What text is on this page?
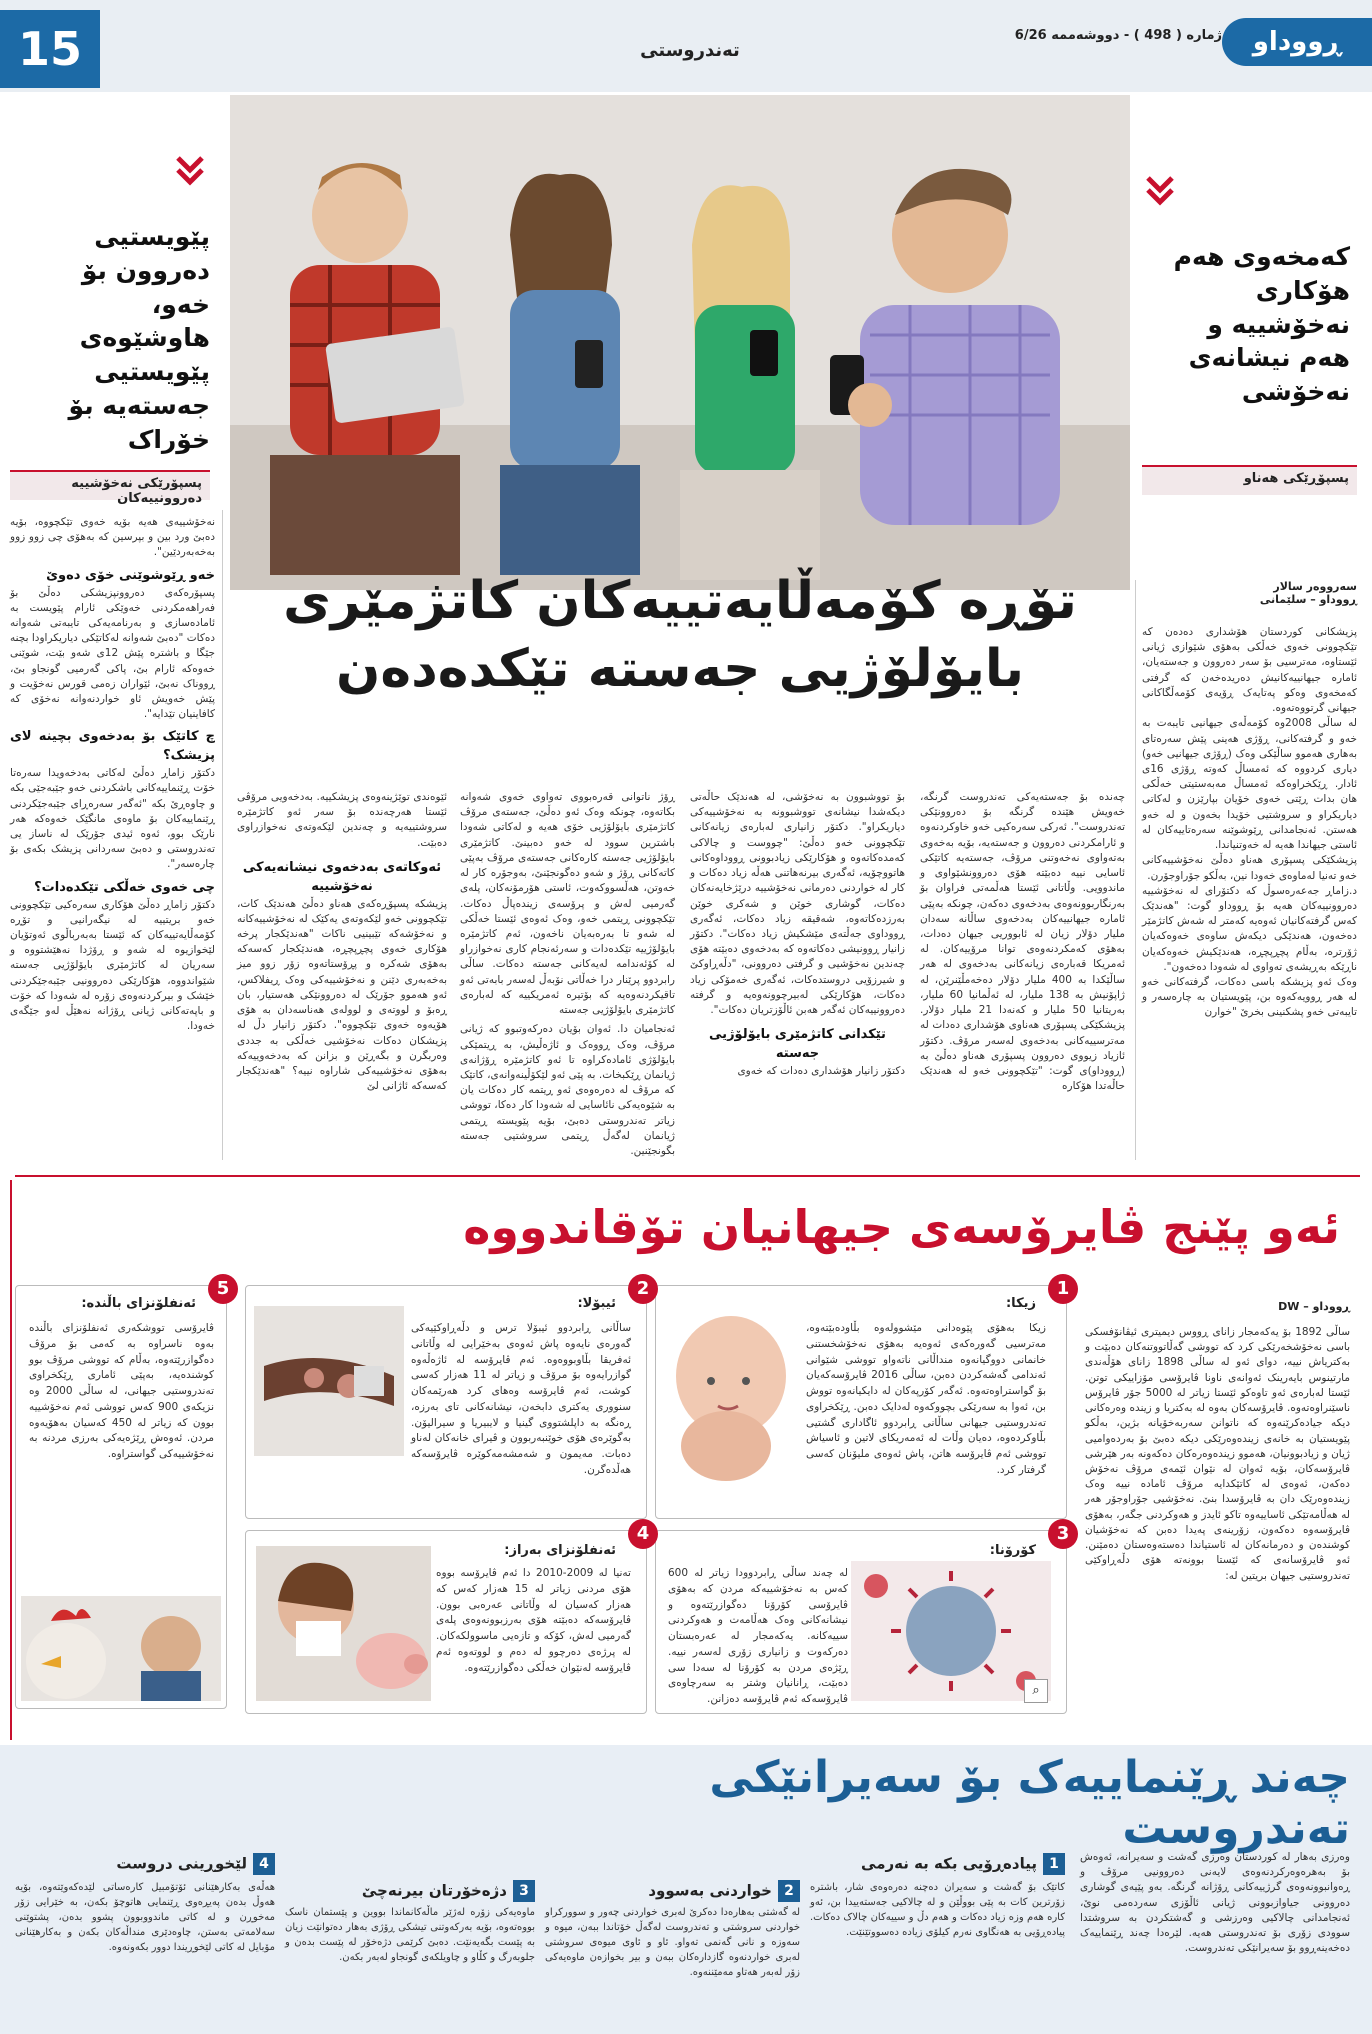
15	تەندروستی
ژمارە ( 498 ) - دووشەممە 6/26	ڕووداو
پێویستیی دەروون بۆ خەو، هاوشێوەی پێویستیی جەستەیە بۆ خۆراک
پسپۆرێکی نەخۆشییە دەروونییەکان
نەخۆشییەی هەیە بۆیە خەوی تێکچووە، بۆیە دەبێ ورد بین و بپرسین کە بەهۆی چی زوو زوو بەخەبەردێین".
خەو ڕێوشوێنی خۆی دەوێ
پسپۆرەکەی دەروونپزیشکی دەڵێ بۆ فەراهەمکردنی خەوێکی ئارام پێویست بە ئامادەسازی و بەرنامەیەکی تایبەتی شەوانە دەکات "دەبێ شەوانە لەکاتێکی دیاریکراودا بچنە جێگا و باشترە پێش 12ی شەو بێت، شوێنی خەوەکە ئارام بێ، پاکی گەرمیی گونجاو بێ، ڕووناک نەبێ، ئێواران زەمی قورس نەخۆیت و پێش خەویش ئاو خواردنەوانە نەخۆی کە کافاینیان تێدایە".
چ کاتێک بۆ بەدخەوی بچینە لای پزیشک؟
دکتۆر زاماڕ دەڵێ لەکاتی بەدخەویدا سەرەتا خۆت ڕێنماییەکانی باشکردنی خەو جێبەجێی بکە و چاوەڕێ بکە "ئەگەر سەرەڕای جێبەجێکردنی ڕێنماییەکان بۆ ماوەی مانگێک خەوەکە هەر نارێک بوو، ئەوە ئیدی جۆرێک لە ناساز یی تەندروستی و دەبێ سەردانی پزیشک بکەی بۆ چارەسەر".
چی خەوی خەڵکی تێکدەدات؟
دکتۆر زاماڕ دەڵێ هۆکاری سەرەکیی تێکچوونی خەو بریتییە لە نیگەرانیی و تۆڕە کۆمەڵایەتییەکان کە ئێستا بەبەرباڵوی ئەوتۆیان لێخوازیوە لە شەو و ڕۆژدا نەهێشتووە و سەریان لە کاتژمێری بایۆلۆژیی جەستە شێواندووە، هۆکارێکی دەروونیی جێبەجێکردنی خێشک و بیرکردنەوەی زۆرە لە شەودا کە خۆت و باپەتەکانی ژیانی ڕۆژانە نەهێڵ لەو جێگەی خەودا.
کەمخەوی هەم هۆکاری نەخۆشییە و هەم نیشانەی نەخۆشی
پسپۆڕێکی هەناو
سەرووەر سالار
ڕووداو – سلێمانی
پزیشکانی کوردستان هۆشداری دەدەن کە تێکچوونی خەوی خەڵکی بەهۆی شێوازی ژیانی ئێستاوە، مەترسیی بۆ سەر دەروون و جەستەیان، ئامارە جیهانییەکانیش دەریدەخەن کە گرفتی کەمخەوی وەکو پەتایەک ڕۆیەی کۆمەڵگاکانی جیهانی گرتووەتەوە.
لە ساڵی 2008وە کۆمەڵەی جیهانیی تایبەت بە خەو و گرفتەکانی، ڕۆژی هەینی پێش سەرەتای بەهاری هەموو ساڵێکی وەک (ڕۆژی جیهانیی خەو) دیاری کردووە کە ئەمساڵ کەوتە ڕۆژی 16ی ئادار. ڕێکخراوەکە ئەمساڵ مەبەستیتی خەڵکی هان بدات ڕێتی خەوی خۆیان بپارێزن و لەکاتی دیاریکراو و سروشتیی خۆیدا بخەون و لە خەو هەستن. ئەنجامدانی ڕێوشوێنە سەرەتاییەکان لە ئاستی جیهاندا هەیە لە خەوتنیاندا.
پزیشکێکی پسپۆری هەناو دەڵێ نەخۆشییەکانی خەو تەنیا لەماوەی خەودا نین، بەڵکو جۆراوجۆرن.
د.زاماڕ جەعەرەسوڵ کە دکتۆرای لە نەخۆشییە دەروونییەکان هەیە بۆ ڕووداو گوت: "هەندێک کەس گرفتەکانیان ئەوەیە کەمتر لە شەش کاتژمێر دەخەون، هەندێکی دیکەش ساوەی خەوەکەیان ژۆرترە، بەڵام پچڕپچڕە، هەندێکیش خەوەکەیان ناڕێکە بەڕیشەی تەواوی لە شەودا دەخەون".
وەک ئەو پزیشکە باسی دەکات، گرفتەکانی خەو لە هەر ڕوویەکەوە بن، پێویستیان بە چارەسەر و تایبەتی خەو پشکنینی بخرێ "خوارن
تۆڕە کۆمەڵایەتییەکان کاتژمێری بایۆلۆژیی جەستە تێکدەدەن
چەندە بۆ جەستەیەکی تەندروست گرنگە، خەویش هێندە گرنگە بۆ دەروونێکی تەندروست". ئەرکی سەرەکیی خەو خاوکردنەوە و ئارامکردنی دەروون و جەستەیە، بۆیە بەخەوی بەتەواوی نەخەوتنی مرۆڤ، جەستەیە کاتێکی ئاسایی نییە دەبێتە هۆی دەروونشێواوی و ماندوویی. وڵاتانی ئێستا هەڵمەتی فراوان بۆ بەرنگاربوونەوەی بەدخەوی دەکەن، چونکە بەپێی ئامارە جیهانییەکان بەدخەوی ساڵانە سەدان ملیار دۆلار زیان لە ئابووریی جیهان دەدات، بەهۆی کەمکردنەوەی توانا مرۆییەکان. لە ئەمریکا قەبارەی زیانەکانی بەدخەوی لە هەر ساڵێکدا بە 400 ملیار دۆلار دەخەمڵێنرێن، لە ژاپۆنیش بە 138 ملیار، لە ئەڵمانیا 60 ملیار، بەریتانیا 50 ملیار و کەنەدا 21 ملیار دۆلار. پزیشکێکی پسپۆری هەناوی هۆشداری دەدات لە مەترسییەکانی بەدخەوی لەسەر مرۆڤ. دکتۆر ئازیاد زیووی دەروون پسپۆری هەناو دەڵێ بە (ڕووداو)ی گوت: "تێکچوونی خەو لە هەندێک حاڵەتدا هۆکارە
بۆ تووشبوون بە نەخۆشی، لە هەندێک حاڵەتی دیکەشدا نیشانەی تووشبوونە بە نەخۆشییەکی دیاریکراو". دکتۆر زانیاری لەبارەی زیانەکانی تێکچوونی خەو دەڵێ: "چووست و چالاکی کەمدەکاتەوە و هۆکارێکی زیادبوونی ڕووداوەکانی هاتووچۆیە، ئەگەری بیرنەهاتنی هەڵە زیاد دەکات و کار لە خواردنی دەرمانی نەخۆشییە درێژخایەنەکان دەکات، گوشاری خوێن و شەکری خوێن بەرزدەکاتەوە، شەقیقە زیاد دەکات، ئەگەری ڕووداوی جەڵتەی مێشکیش زیاد دەکات". دکتۆر زانیار ڕوونیشی دەکاتەوە کە بەدخەوی دەبێتە هۆی چەندین نەخۆشیی و گرفتی دەروونی، "دڵەڕاوکێ و شیرزۆیی دروستدەکات، ئەگەری خەمۆکی زیاد دەکات، هۆکارێکی لەبیرچوونەوەیە و گرفتە دەروونییەکان ئەگەر هەبن ئاڵۆزتریان دەکات".
تێکدانی کاتژمێری بایۆلۆژیی جەستە
دکتۆر زانیار هۆشداری دەدات کە خەوی
ڕۆژ ناتوانی قەرەبووی تەواوی خەوی شەوانە بکاتەوە، چونکە وەک ئەو دەڵێ، جەستەی مرۆڤ کاتژمێری بایۆلۆژیی خۆی هەیە و لەکاتی شەودا باشترین سوود لە خەو دەبینێ. کاتژمێری بایۆلۆژیی جەستە کارەکانی جەستەی مرۆڤ بەپێی کاتەکانی ڕۆژ و شەو دەگونجێنێ، بەوجۆرە کار لە خەوتن، هەڵسووکەوت، ئاستی هۆرمۆنەکان، پلەی گەرمیی لەش و پرۆسەی زیندەپاڵ دەکات. تێکچوونی ڕیتمی خەو، وەک ئەوەی ئێستا خەڵکی لە شەو تا بەرەبەیان ناخەون، ئەم کاتژمێرە بایۆلۆژییە تێکدەدات و سەرئەنجام کاری نەخوازراو لە کۆئەندامە لەیەکانی جەستە دەکات. ساڵی رابردوو پرێنار درا خەڵاتی نۆبەڵ لەسەر بابەتی ئەو تاقیکردنەوەیە کە بۆتیرە ئەمریکییە کە لەبارەی کاتژمێری بایۆلۆژیی جەستە
ئەنجامیان دا. ئەوان بۆیان دەرکەوتبوو کە ژیانی مرۆڤ، وەک ڕووەک و ئاژەڵیش، بە ڕیتمێکی بایۆلۆژی ئامادەکراوە تا ئەو کاتژمێرە ڕۆژانەی ژیانمان ڕێکبخات. بە پێی ئەو لێکۆڵینەوانەی، کاتێک کە مرۆڤ لە دەرەوەی ئەو ڕیتمە کار دەکات یان بە شێوەیەکی نائاسایی لە شەودا کار دەکا، تووشی زیاتر تەندروستی دەبێ، بۆیە پێویستە ڕیتمی ژیانمان لەگەڵ ڕیتمی سروشتیی جەستە بگونجێنین.
ئێوەندی توێژینەوەی پزیشکییە. بەدخەویی مرۆڤی ئێستا هەرچەندە بۆ سەر ئەو کاتژمێرە سروشتییەیە و چەندین لێکەوتەی نەخوازراوی دەبێت.
ئەوکاتەی بەدخەوی نیشانەیەکی نەخۆشییە
پزیشکە پسپۆڕەکەی هەناو دەڵێ هەندێک کات، تێکچوونی خەو لێکەوتەی یەکێک لە نەخۆشییەکانە و نەخۆشەکە تێبینیی ناکات "هەندێکجار پرخە هۆکاری خەوی پچڕپچڕە، هەندێکجار کەسەکە بەهۆی شەکرە و پڕۆستاتەوە زۆر زوو میز بەخەبەری دێنن و نەخۆشییەکی وەک ڕیفلاکس، ئەو هەموو جۆرێک لە دەروونێکی هەستیار، بان ڕەبۆ و لووتەی و لوولەی هەناسەدان بە هۆی هۆیەوە خەوی تێکچووە". دکتۆر زانیار دڵ لە پزیشکان دەکات نەخۆشیی خەڵکی بە جددی وەربگرن و بگەڕێن و بزانن کە بەدخەوییەکە بەهۆی نەخۆشییەکی شاراوە نییە؟ "هەندێکجار کەسەکە ئاژانی لێ
ئەو پێنج ڤایرۆسەی جیهانیان تۆقاندووە
ڕووداو – DW
ساڵی 1892 بۆ یەکەمجار زانای ڕووس دیمیتری ئیڤانۆفسکی باسی نەخۆشخەرێکی کرد کە تووشی گەڵاتووتنەکان دەبێت و بەکتریاش نییە، دوای ئەو لە ساڵی 1898 زانای هۆڵەندی مارتینوس بایەرینک ئەوانەی ناونا ڤایرۆسی مۆزاییکی توتن. ئێستا لەبارەی ئەو تاوەکو ئێستا زیاتر لە 5000 جۆر ڤایرۆس ناسێنراوەتەوە. ڤایرۆسەکان بەوە لە بەکتریا و زیندە وەرەکانی دیکە جیادەکرێنەوە کە ناتوانن سەربەخۆیانە بژین، بەڵکو پێویستیان بە خانەی زیندەوەرێکی دیکە دەبێ بۆ بەردەوامیی ژیان و زیادبوونیان، هەموو زیندەوەرەکان دەکەونە بەر هێرشی ڤایرۆسەکان، بۆیە ئەوان لە نێوان ئێمەی مرۆڤ نەخۆش دەکەن، ئەوەی لە کاتێکدایە مرۆڤ ئامادە نییە وەک زیندەوەرێک دان بە ڤایرۆسدا بنێ. نەخۆشیی جۆراوجۆر هەر لە هەڵامەتێکی ئاساییەوە تاکو ئایدز و هەوکردنی جگەر، بەهۆی ڤایرۆسەوە دەکەون، زۆرینەی پەیدا دەبن کە نەخۆشیان کوشندەن و دەرمانەکان لە ئاستیاندا دەستەوەستان دەمێنن. ئەو ڤایرۆسانەی کە ئێستا بوونەتە هۆی دڵەڕاوکێی تەندروستیی جیهان بریتین لە:
1
زیکا:
زیکا بەهۆی پێوەدانی مێشوولەوە بڵاودەبێتەوە، مەترسیی گەورەکەی ئەوەیە بەهۆی نەخۆشخستنی خانمانی دووگیانەوە منداڵانی ناتەواو تووشی شێوانی ئەندامی گەشەکردن دەبن، ساڵی 2016 ڤایرۆسەکەیان بۆ گواستراوەتەوە. ئەگەر کۆرپەکان لە دایکیانەوە تووش بن، ئەوا بە سەرێکی بچووکەوە لەدایک دەبن. ڕێکخراوی تەندروستیی جیهانی ساڵانی ڕابردوو ئاگاداری گشتیی بڵاوکردەوە، دەیان وڵات لە ئەمەریکای لاتین و ئاسیاش تووشی ئەم ڤایرۆسە هاتن، پاش ئەوەی ملیۆنان کەسی گرفتار کرد.
2
ئیبۆلا:
ساڵانی ڕابردوو ئیبۆلا ترس و دڵەڕاوکێیەکی گەورەی نایەوە پاش ئەوەی بەخێرایی لە وڵاتانی ئەفریقا بڵاوبووەوە. ئەم ڤایرۆسە لە ئاژەڵەوە گوازرایەوە بۆ مرۆڤ و زیاتر لە 11 هەزار کەسی کوشت، ئەم ڤایرۆسە وەهای کرد هەرێمەکان سنووری یەکتری دابخەن، نیشانەکانی تای بەرزە، ڕەنگە بە داپلشتووی گینیا و لایبیریا و سیرالیۆن. بەگوێرەی هۆی خوێنبەربوون و ڤیرای خانەکان لەناو دەبات. مەیمون و شەمشەمەکوێرە ڤایرۆسەکە هەڵدەگرن.
5
ئەنفلۆنزای باڵندە:
ڤایرۆسی تووشکەری ئەنفلۆنزای باڵندە بەوە ناسراوە بە کەمی بۆ مرۆڤ دەگوازرێتەوە، بەڵام کە تووشی مرۆڤ بوو کوشندەیە، بەپێی ئاماری ڕێکخراوی تەندروستیی جیهانی، لە ساڵی 2000 وە نزیکەی 900 کەس تووشی ئەم نەخۆشییە بوون کە زیاتر لە 450 کەسیان بەهۆیەوە مردن. ئەوەش ڕێژەیەکی بەرزی مردنە بە نەخۆشییەکی گواستراوە.
3
کۆرۆنا:
لە چەند ساڵی ڕابردوودا زیاتر لە 600 کەس بە نەخۆشییەکە مردن کە بەهۆی ڤایرۆسی کۆرۆنا دەگوازرێتەوە و نیشانەکانی وەک هەڵامەت و هەوکردنی سییەکانە. یەکەمجار لە عەرەبستان دەرکەوت و زانیاری زۆری لەسەر نییە. ڕێژەی مردن بە کۆرۆنا لە سەدا سی دەبێت، ڕانانیان وشتر بە سەرچاوەی ڤایرۆسەکە ئەم ڤایرۆسە دەزانن.
⌕
4
ئەنفلۆنزای بەراز:
تەنیا لە 2009-2010 دا ئەم ڤایرۆسە بووە هۆی مردنی زیاتر لە 15 هەزار کەس کە هەزار کەسیان لە وڵاتانی عەرەبی بوون. ڤایرۆسەکە دەبێتە هۆی بەرزبوونەوەی پلەی گەرمیی لەش، کۆکە و تازەیی ماسوولکەکان. لە پرژەی دەرچوو لە دەم و لووتەوە ئەم ڤایرۆسە لەنێوان خەڵکی دەگوازرێتەوە.
چەند ڕێنماییەک بۆ سەیرانێکی تەندروست
وەرزی بەهار لە کوردستان وەرزی گەشت و سەیرانە، ئەوەش بۆ بەهرەوەرکردنەوەی لایەنی دەروونیی مرۆڤ و ڕەوانبوونەوەی گرژییەکانی ڕۆژانە گرنگە. بەو پێیەی گوشاری دەروونی جیاوازبوونی ژیانی ئاڵۆزی سەردەمی نوێ، ئەنجامدانی چالاکیی وەرزشی و گەشتکردن بە سروشتدا سوودی زۆری بۆ تەندروستی هەیە. لێرەدا چەند ڕێنماییەک دەخەینەڕوو بۆ سەیرانێکی تەندروست.
1پیادەڕۆیی بکە بە نەرمی
کاتێک بۆ گەشت و سەیران دەچنە دەرەوەی شار، باشترە زۆرترین کات بە پێی بووڵێن و لە چالاکیی جەستەییدا بن، ئەو کارە هەم وزە زیاد دەکات و هەم دڵ و سییەکان چالاک دەکات. پیادەڕۆیی بە هەنگاوی نەرم کیلۆی زیادە دەسووتێنێت.
2خواردنی بەسوود
لە گەشتی بەهارەدا دەکرێ لەبری خواردنی چەور و سوورکراو خواردنی سروشتی و تەندروست لەگەڵ خۆتاندا ببەن، میوە و سەوزە و نانی گەنمی تەواو. ئاو و ئاوی میوەی سروشتی لەبری خواردنەوە گازدارەکان ببەن و بیر بخوازەن ماوەیەکی زۆر لەبەر هەتاو مەمێننەوە.
3دژەخۆرتان بیرنەچێ
ماوەیەکی زۆرە لەژێر ماڵەکانماندا بووین و پێستمان ناسک بووەتەوە، بۆیە بەرکەوتنی تیشکی ڕۆژی بەهار دەتوانێت زیان بە پێست بگەیەنێت. دەبێ کرێمی دژەخۆر لە پێست بدەن و جلوبەرگ و کڵاو و چاویلکەی گونجاو لەبەر بکەن.
4لێخوڕینی دروست
هەڵەی بەکارهێنانی ئۆتۆمبیل کارەساتی لێدەکەوێتەوە، بۆیە هەوڵ بدەن پەیڕەوی ڕێنمایی هاتوچۆ بکەن، بە خێرایی زۆر مەخوڕن و لە کاتی ماندووبوون پشوو بدەن، پشتوێنی سەلامەتی بەستن، چاوەدێری منداڵەکان بکەن و بەکارهێنانی مۆبایل لە کاتی لێخوڕیندا دوور بکەونەوە.
